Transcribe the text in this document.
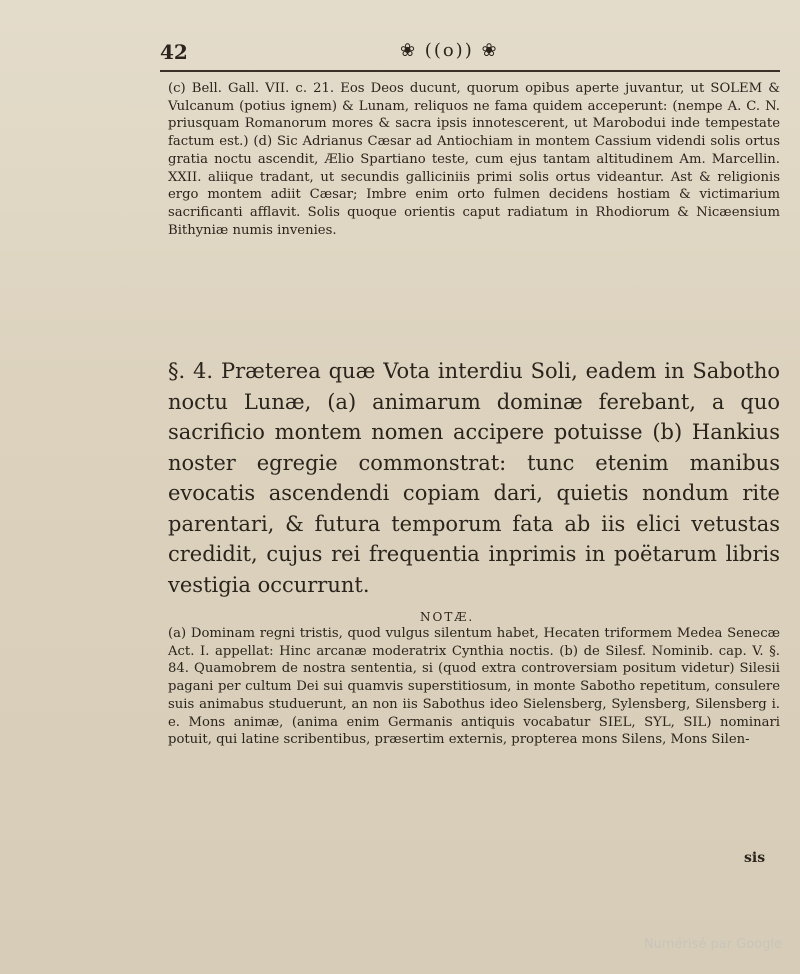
42	❀ ((o)) ❀

(c) Bell. Gall. VII. c. 21. Eos Deos ducunt, quorum opibus aperte juvantur, ut SOLEM & Vulcanum (potius ignem) & Lunam, reliquos ne fama quidem acceperunt: (nempe A. C. N. priusquam Romanorum mores & sacra ipsis innotescerent, ut Marobodui inde tempestate factum est.) (d) Sic Adrianus Cæsar ad Antiochiam in montem Cassium videndi solis ortus gratia noctu ascendit, Ælio Spartiano teste, cum ejus tantam altitudinem Am. Marcellin. XXII. aliique tradant, ut secundis galliciniis primi solis ortus videantur. Ast & religionis ergo montem adiit Cæsar; Imbre enim orto fulmen decidens hostiam & victimarium sacrificanti afflavit. Solis quoque orientis caput radiatum in Rhodiorum & Nicæensium Bithyniæ numis invenies.

§. 4. Præterea quæ Vota interdiu Soli, eadem in Sabotho noctu Lunæ, (a) animarum dominæ ferebant, a quo sacrificio montem nomen accipere potuisse (b) Hankius noster egregie commonstrat: tunc etenim manibus evocatis ascendendi copiam dari, quietis nondum rite parentari, & futura temporum fata ab iis elici vetustas credidit, cujus rei frequentia inprimis in poëtarum libris vestigia occurrunt.

NOTÆ.

(a) Dominam regni tristis, quod vulgus silentum habet, Hecaten triformem Medea Senecæ Act. I. appellat: Hinc arcanæ moderatrix Cynthia noctis. (b) de Silesf. Nominib. cap. V. §. 84. Quamobrem de nostra sententia, si (quod extra controversiam positum videtur) Silesii pagani per cultum Dei sui quamvis superstitiosum, in monte Sabotho repetitum, consulere suis animabus studuerunt, an non iis Sabothus ideo Sielensberg, Sylensberg, Silensberg i. e. Mons animæ, (anima enim Germanis antiquis vocabatur SIEL, SYL, SIL) nominari potuit, qui latine scribentibus, præsertim externis, propterea mons Silens, Mons Silen-

sis
Numérisé par Google
